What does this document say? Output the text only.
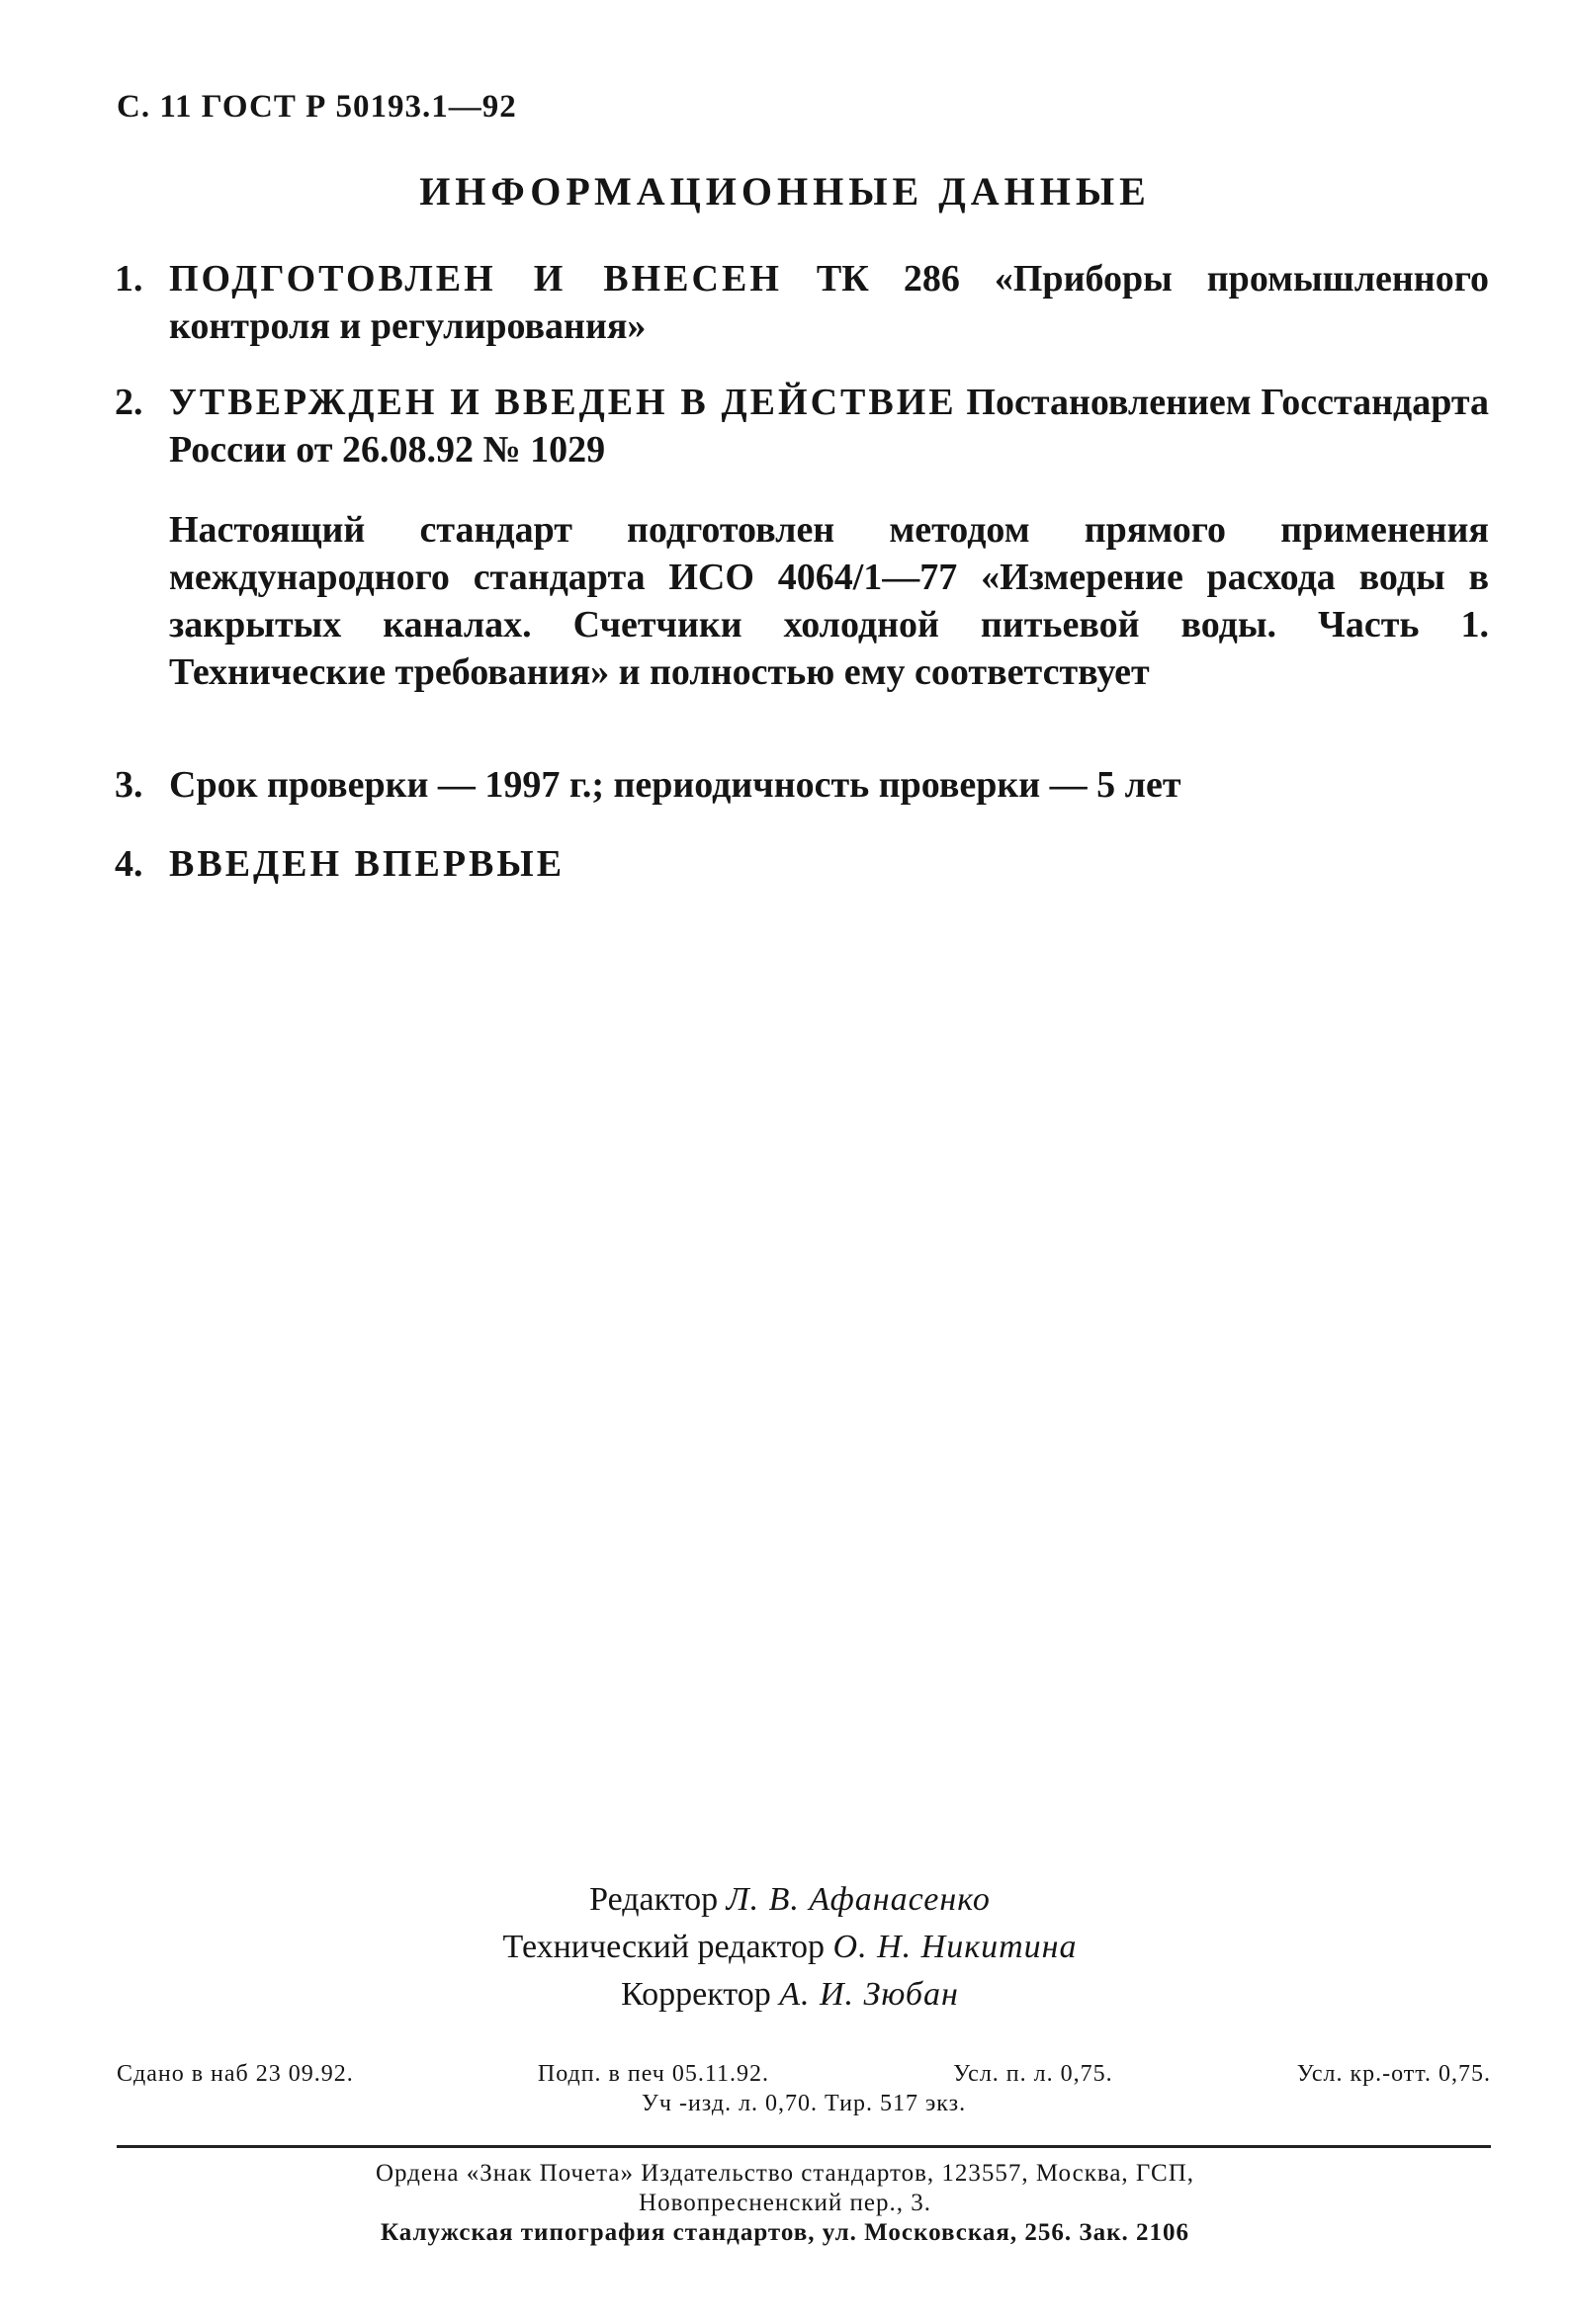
С. 11 ГОСТ Р 50193.1—92
ИНФОРМАЦИОННЫЕ ДАННЫЕ
1. ПОДГОТОВЛЕН И ВНЕСЕН ТК 286 «Приборы промышленного контроля и регулирования»
2. УТВЕРЖДЕН И ВВЕДЕН В ДЕЙСТВИЕ Постановлением Госстандарта России от 26.08.92 № 1029
Настоящий стандарт подготовлен методом прямого применения международного стандарта ИСО 4064/1—77 «Измерение расхода воды в закрытых каналах. Счетчики холодной питьевой воды. Часть 1. Технические требования» и полностью ему соответствует
3. Срок проверки — 1997 г.; периодичность проверки — 5 лет
4. ВВЕДЕН ВПЕРВЫЕ
Редактор Л. В. Афанасенко
Технический редактор О. Н. Никитина
Корректор А. И. Зюбан
Сдано в наб 23 09.92.	Подп. в печ 05.11.92.	Усл. п. л. 0,75.	Усл. кр.-отт. 0,75.
Уч -изд. л. 0,70. Тир. 517 экз.
Ордена «Знак Почета» Издательство стандартов, 123557, Москва, ГСП,
Новопресненский пер., 3.
Калужская типография стандартов, ул. Московская, 256. Зак. 2106
